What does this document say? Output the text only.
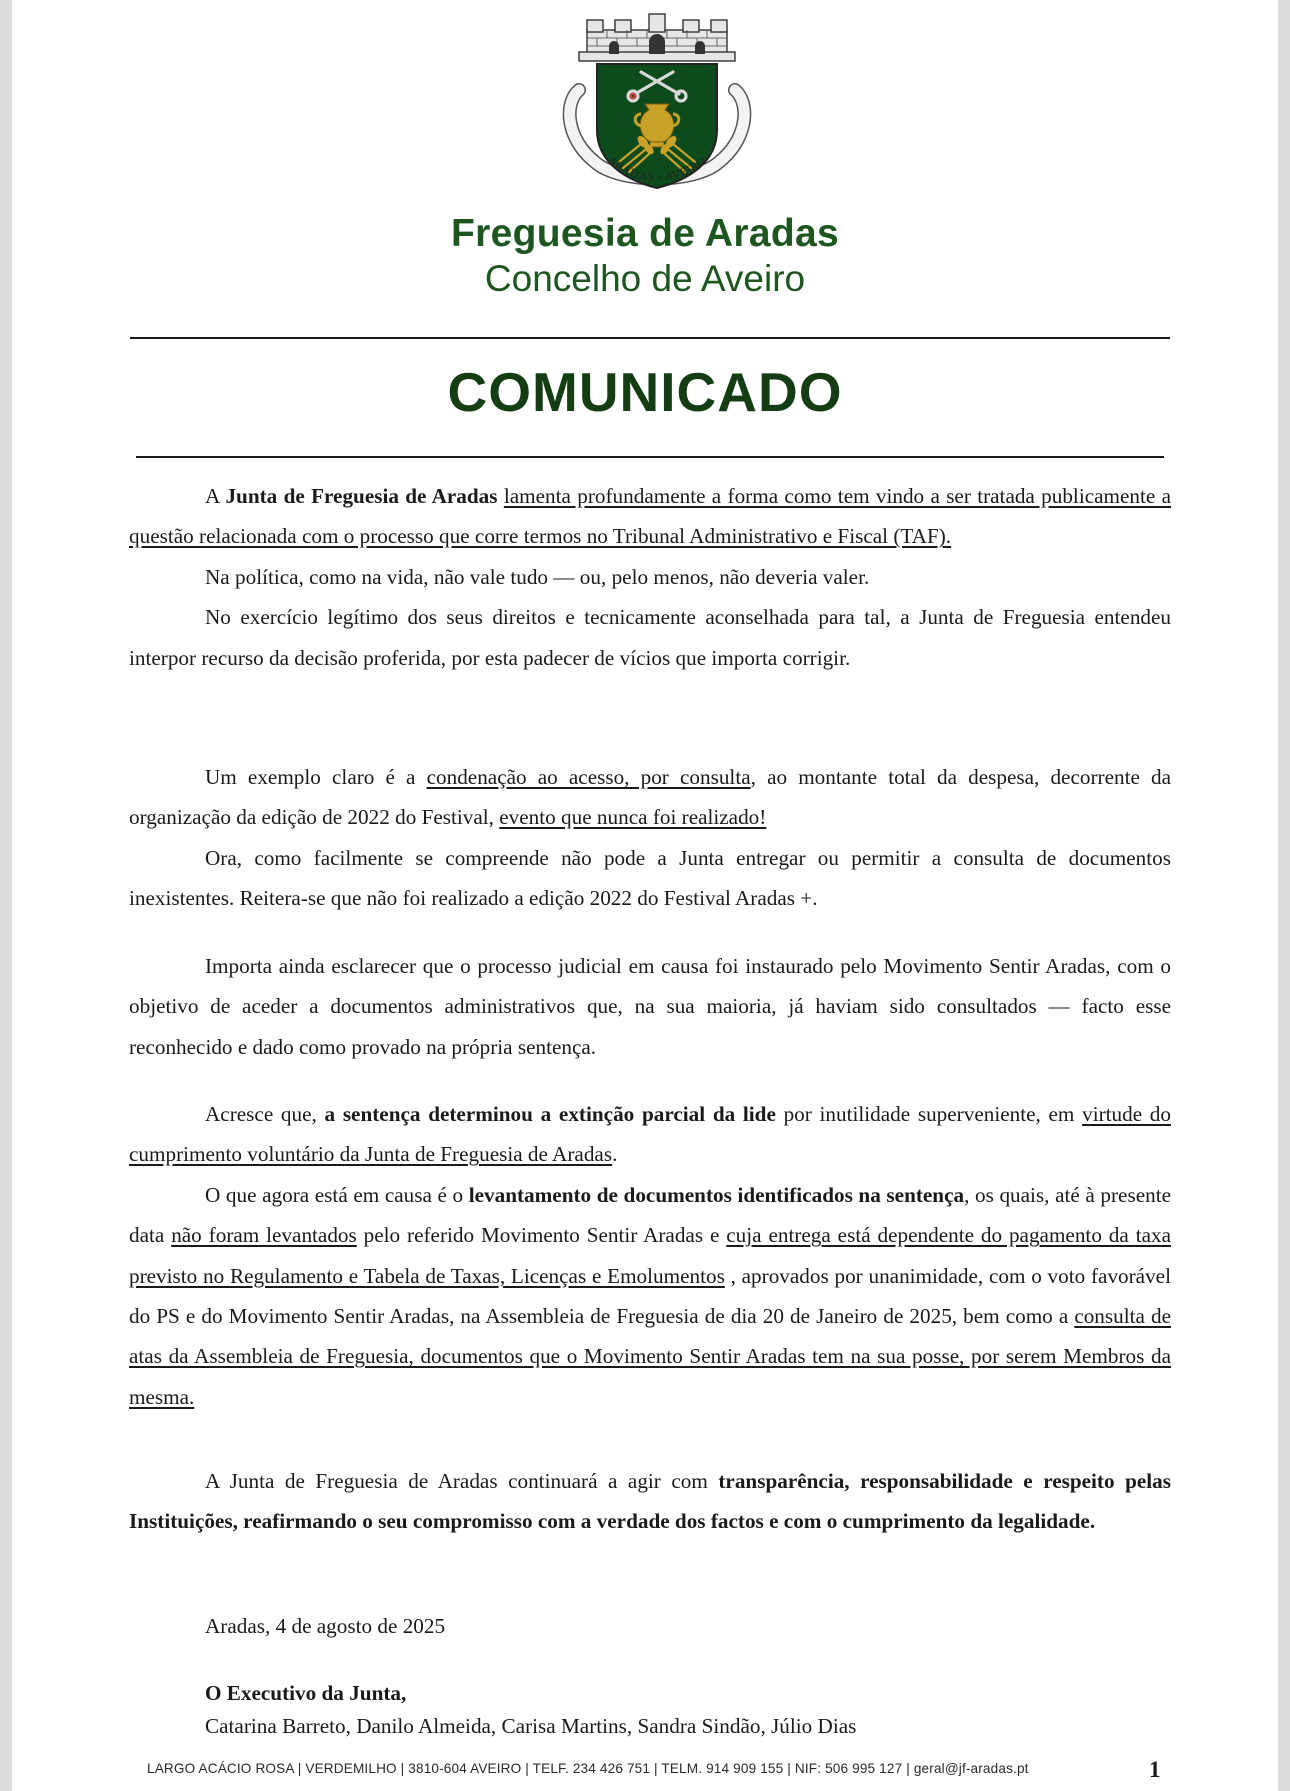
ARADAS - AVEIRO
Freguesia de Aradas
Concelho de Aveiro
COMUNICADO

A Junta de Freguesia de Aradas lamenta profundamente a forma como tem vindo a ser tratada publicamente a questão relacionada com o processo que corre termos no Tribunal Administrativo e Fiscal (TAF).

Na política, como na vida, não vale tudo — ou, pelo menos, não deveria valer.

No exercício legítimo dos seus direitos e tecnicamente aconselhada para tal, a Junta de Freguesia entendeu interpor recurso da decisão proferida, por esta padecer de vícios que importa corrigir.

Um exemplo claro é a condenação ao acesso, por consulta, ao montante total da despesa, decorrente da organização da edição de 2022 do Festival, evento que nunca foi realizado!

Ora, como facilmente se compreende não pode a Junta entregar ou permitir a consulta de documentos inexistentes. Reitera-se que não foi realizado a edição 2022 do Festival Aradas +.

Importa ainda esclarecer que o processo judicial em causa foi instaurado pelo Movimento Sentir Aradas, com o objetivo de aceder a documentos administrativos que, na sua maioria, já haviam sido consultados — facto esse reconhecido e dado como provado na própria sentença.

Acresce que, a sentença determinou a extinção parcial da lide por inutilidade superveniente, em virtude do cumprimento voluntário da Junta de Freguesia de Aradas.

O que agora está em causa é o levantamento de documentos identificados na sentença, os quais, até à presente data não foram levantados pelo referido Movimento Sentir Aradas e cuja entrega está dependente do pagamento da taxa previsto no Regulamento e Tabela de Taxas, Licenças e Emolumentos , aprovados por unanimidade, com o voto favorável do PS e do Movimento Sentir Aradas, na Assembleia de Freguesia de dia 20 de Janeiro de 2025, bem como a consulta de atas da Assembleia de Freguesia, documentos que o Movimento Sentir Aradas tem na sua posse, por serem Membros da mesma.

A Junta de Freguesia de Aradas continuará a agir com transparência, responsabilidade e respeito pelas Instituições, reafirmando o seu compromisso com a verdade dos factos e com o cumprimento da legalidade.

Aradas, 4 de agosto de 2025
O Executivo da Junta,
Catarina Barreto, Danilo Almeida, Carisa Martins, Sandra Sindão, Júlio Dias
LARGO ACÁCIO ROSA | VERDEMILHO | 3810-604 AVEIRO | TELF. 234 426 751 | TELM. 914 909 155 | NIF: 506 995 127 | geral@jf-aradas.pt	1
